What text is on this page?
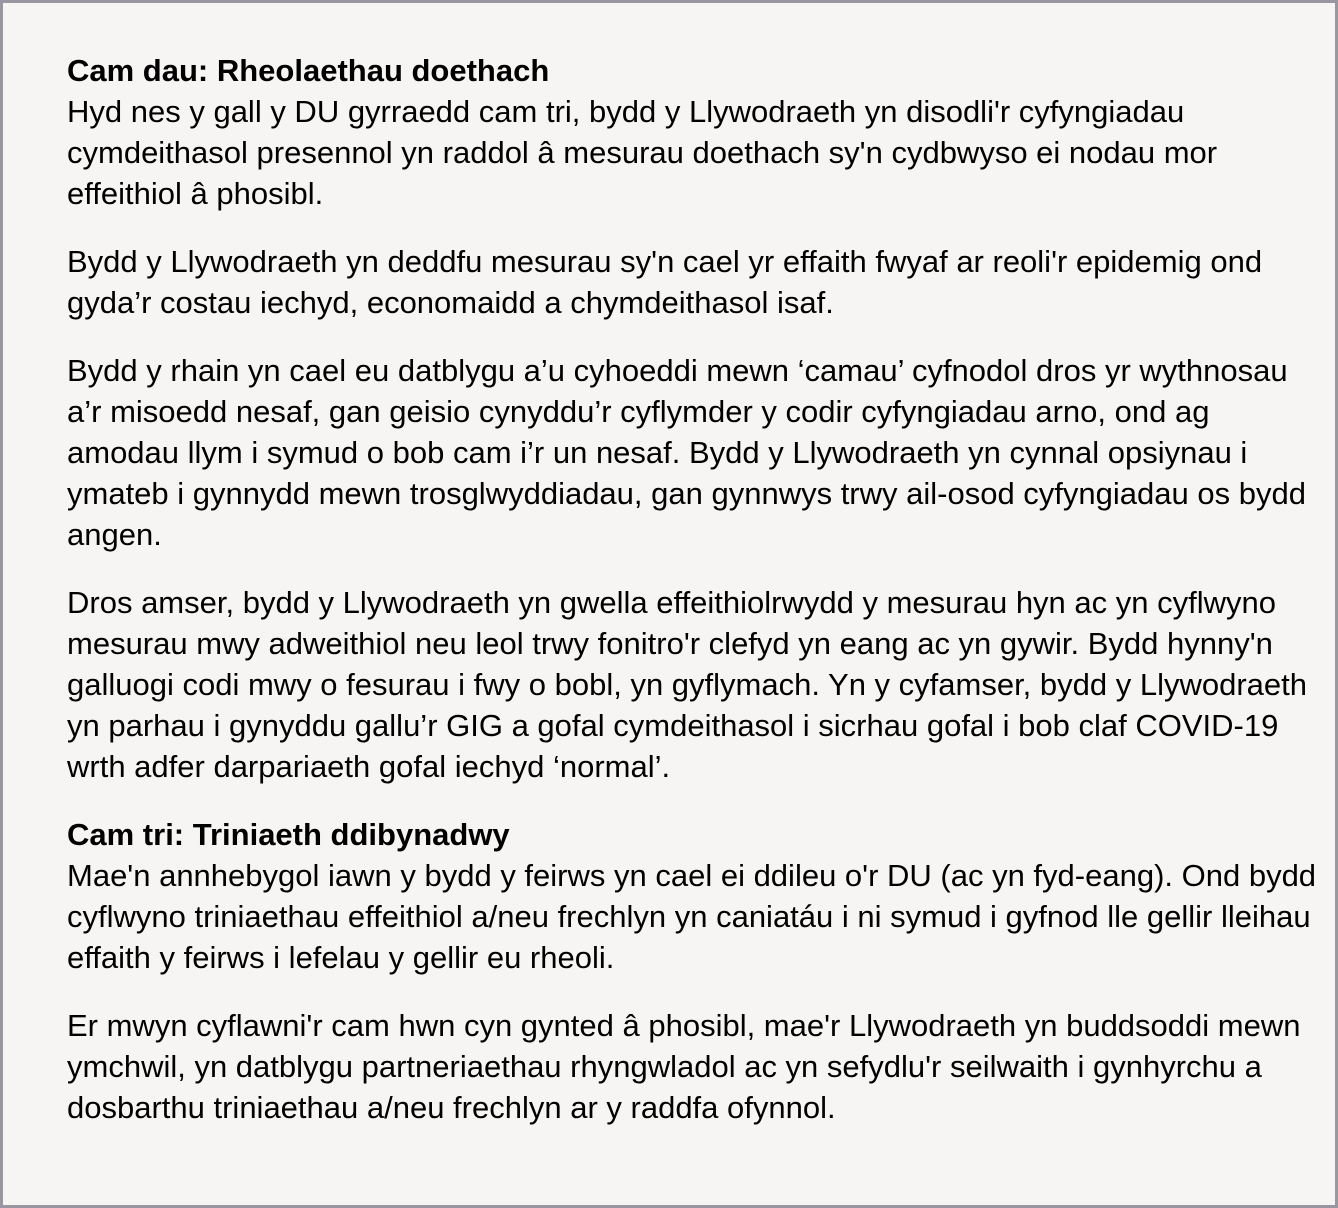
Cam dau: Rheolaethau doethach

Hyd nes y gall y DU gyrraedd cam tri, bydd y Llywodraeth yn disodli'r cyfyngiadau cymdeithasol presennol yn raddol â mesurau doethach sy'n cydbwyso ei nodau mor effeithiol â phosibl.

Bydd y Llywodraeth yn deddfu mesurau sy'n cael yr effaith fwyaf ar reoli'r epidemig ond gyda’r costau iechyd, economaidd a chymdeithasol isaf.

Bydd y rhain yn cael eu datblygu a’u cyhoeddi mewn ‘camau’ cyfnodol dros yr wythnosau a’r misoedd nesaf, gan geisio cynyddu’r cyflymder y codir cyfyngiadau arno, ond ag amodau llym i symud o bob cam i’r un nesaf. Bydd y Llywodraeth yn cynnal opsiynau i ymateb i gynnydd mewn trosglwyddiadau, gan gynnwys trwy ail-osod cyfyngiadau os bydd angen.

Dros amser, bydd y Llywodraeth yn gwella effeithiolrwydd y mesurau hyn ac yn cyflwyno mesurau mwy adweithiol neu leol trwy fonitro'r clefyd yn eang ac yn gywir. Bydd hynny'n galluogi codi mwy o fesurau i fwy o bobl, yn gyflymach. Yn y cyfamser, bydd y Llywodraeth yn parhau i gynyddu gallu’r GIG a gofal cymdeithasol i sicrhau gofal i bob claf COVID-19 wrth adfer darpariaeth gofal iechyd ‘normal’.

Cam tri: Triniaeth ddibynadwy

Mae'n annhebygol iawn y bydd y feirws yn cael ei ddileu o'r DU (ac yn fyd-eang). Ond bydd cyflwyno triniaethau effeithiol a/neu frechlyn yn caniatáu i ni symud i gyfnod lle gellir lleihau effaith y feirws i lefelau y gellir eu rheoli.

Er mwyn cyflawni'r cam hwn cyn gynted â phosibl, mae'r Llywodraeth yn buddsoddi mewn ymchwil, yn datblygu partneriaethau rhyngwladol ac yn sefydlu'r seilwaith i gynhyrchu a dosbarthu triniaethau a/neu frechlyn ar y raddfa ofynnol.
